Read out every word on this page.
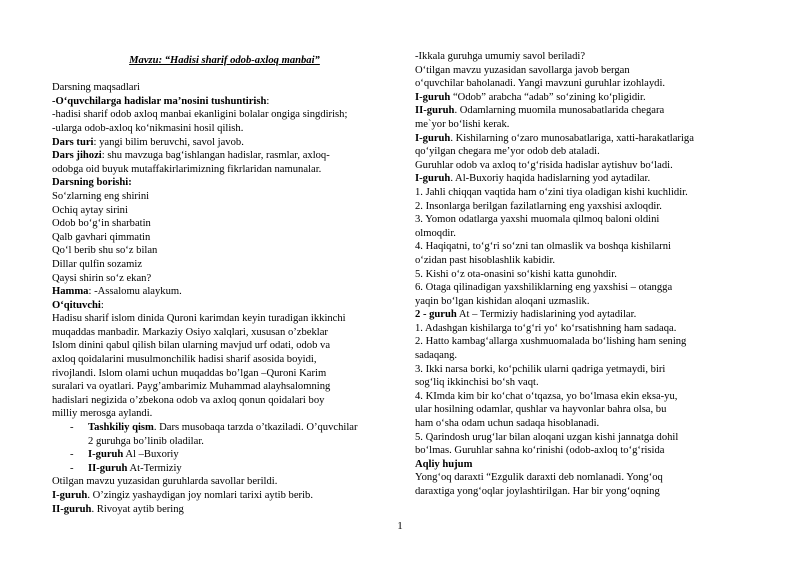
Mavzu: “Hadisi sharif odob-axloq manbai”

Darsning maqsadlari

-O‘quvchilarga hadislar ma’nosini tushuntirish:

-hadisi sharif odob axloq manbai ekanligini bolalar ongiga singdirish;

-ularga odob-axloq ko‘nikmasini hosil qilish.

Dars turi: yangi bilim beruvchi, savol javob.

Dars jihozi: shu mavzuga bag‘ishlangan hadislar, rasmlar, axloq-

odobga oid buyuk mutaffakirlarimizning fikrlaridan namunalar.

Darsning borishi:

So‘zlarning eng shirini

Ochiq aytay sirini

Odob bo‘g‘in sharbatin

Qalb gavhari qimmatin

Qo‘l berib shu so‘z bilan

Dillar qulfin sozamiz

Qaysi shirin so‘z ekan?

Hamma: -Assalomu alaykum.

O‘qituvchi:

Hadisu sharif islom dinida Quroni karimdan keyin turadigan ikkinchi

muqaddas manbadir. Markaziy Osiyo xalqlari, xususan o’zbeklar

Islom dinini qabul qilish bilan ularning mavjud urf odati, odob va

axloq qoidalarini musulmonchilik hadisi sharif asosida boyidi,

rivojlandi. Islom olami uchun muqaddas bo’lgan –Quroni Karim

suralari va oyatlari. Payg’ambarimiz Muhammad alayhsalomning

hadislari negizida o’zbekona odob va axloq qonun qoidalari boy

milliy merosga aylandi.

- Tashkiliy qism. Dars musobaqa tarzda o’tkaziladi. O’quvchilar

2 guruhga bo’linib oladilar.

- I-guruh Al –Buxoriy

- II-guruh At-Termiziy

Otilgan mavzu yuzasidan guruhlarda savollar berildi.

I-guruh. O’zingiz yashaydigan joy nomlari tarixi aytib berib.

II-guruh. Rivoyat aytib bering

-Ikkala guruhga umumiy savol beriladi?

O‘tilgan mavzu yuzasidan savollarga javob bergan

o‘quvchilar baholanadi. Yangi mavzuni guruhlar izohlaydi.

I-guruh “Odob” arabcha “adab” so‘zining ko‘pligidir.

II-guruh. Odamlarning muomila munosabatlarida chegara

me`yor bo‘lishi kerak.

I-guruh. Kishilarning o‘zaro munosabatlariga, xatti-harakatlariga

qo‘yilgan chegara me’yor odob deb ataladi.

Guruhlar odob va axloq to‘g‘risida hadislar aytishuv bo‘ladi.

I-guruh. Al-Buxoriy haqida hadislarning yod aytadilar.

1. Jahli chiqqan vaqtida ham o‘zini tiya oladigan kishi kuchlidir.

2. Insonlarga berilgan fazilatlarning eng yaxshisi axloqdir.

3. Yomon odatlarga yaxshi muomala qilmoq baloni oldini

olmoqdir.

4. Haqiqatni, to‘g‘ri so‘zni tan olmaslik va boshqa kishilarni

o‘zidan past hisoblashlik kabidir.

5. Kishi o‘z ota-onasini so‘kishi katta gunohdir.

6. Otaga qilinadigan yaxshiliklarning eng yaxshisi – otangga

yaqin bo‘lgan kishidan aloqani uzmaslik.

2 - guruh At – Termiziy hadislarining yod aytadilar.

1. Adashgan kishilarga to‘g‘ri yo‘ ko‘rsatishning ham sadaqa.

2. Hatto kambag‘allarga xushmuomalada bo‘lishing ham sening

sadaqang.

3. Ikki narsa borki, ko‘pchilik ularni qadriga yetmaydi, biri

sog‘liq ikkinchisi bo‘sh vaqt.

4. KImda kim bir ko‘chat o‘tqazsa, yo bo‘lmasa ekin eksa-yu,

ular hosilning odamlar, qushlar va hayvonlar bahra olsa, bu

ham o‘sha odam uchun sadaqa hisoblanadi.

5. Qarindosh urug‘lar bilan aloqani uzgan kishi jannatga dohil

bo‘lmas. Guruhlar sahna ko‘rinishi (odob-axloq to‘g‘risida

Aqliy hujum

Yong‘oq daraxti “Ezgulik daraxti deb nomlanadi. Yong‘oq

daraxtiga yong‘oqlar joylashtirilgan. Har bir yong‘oqning

1
